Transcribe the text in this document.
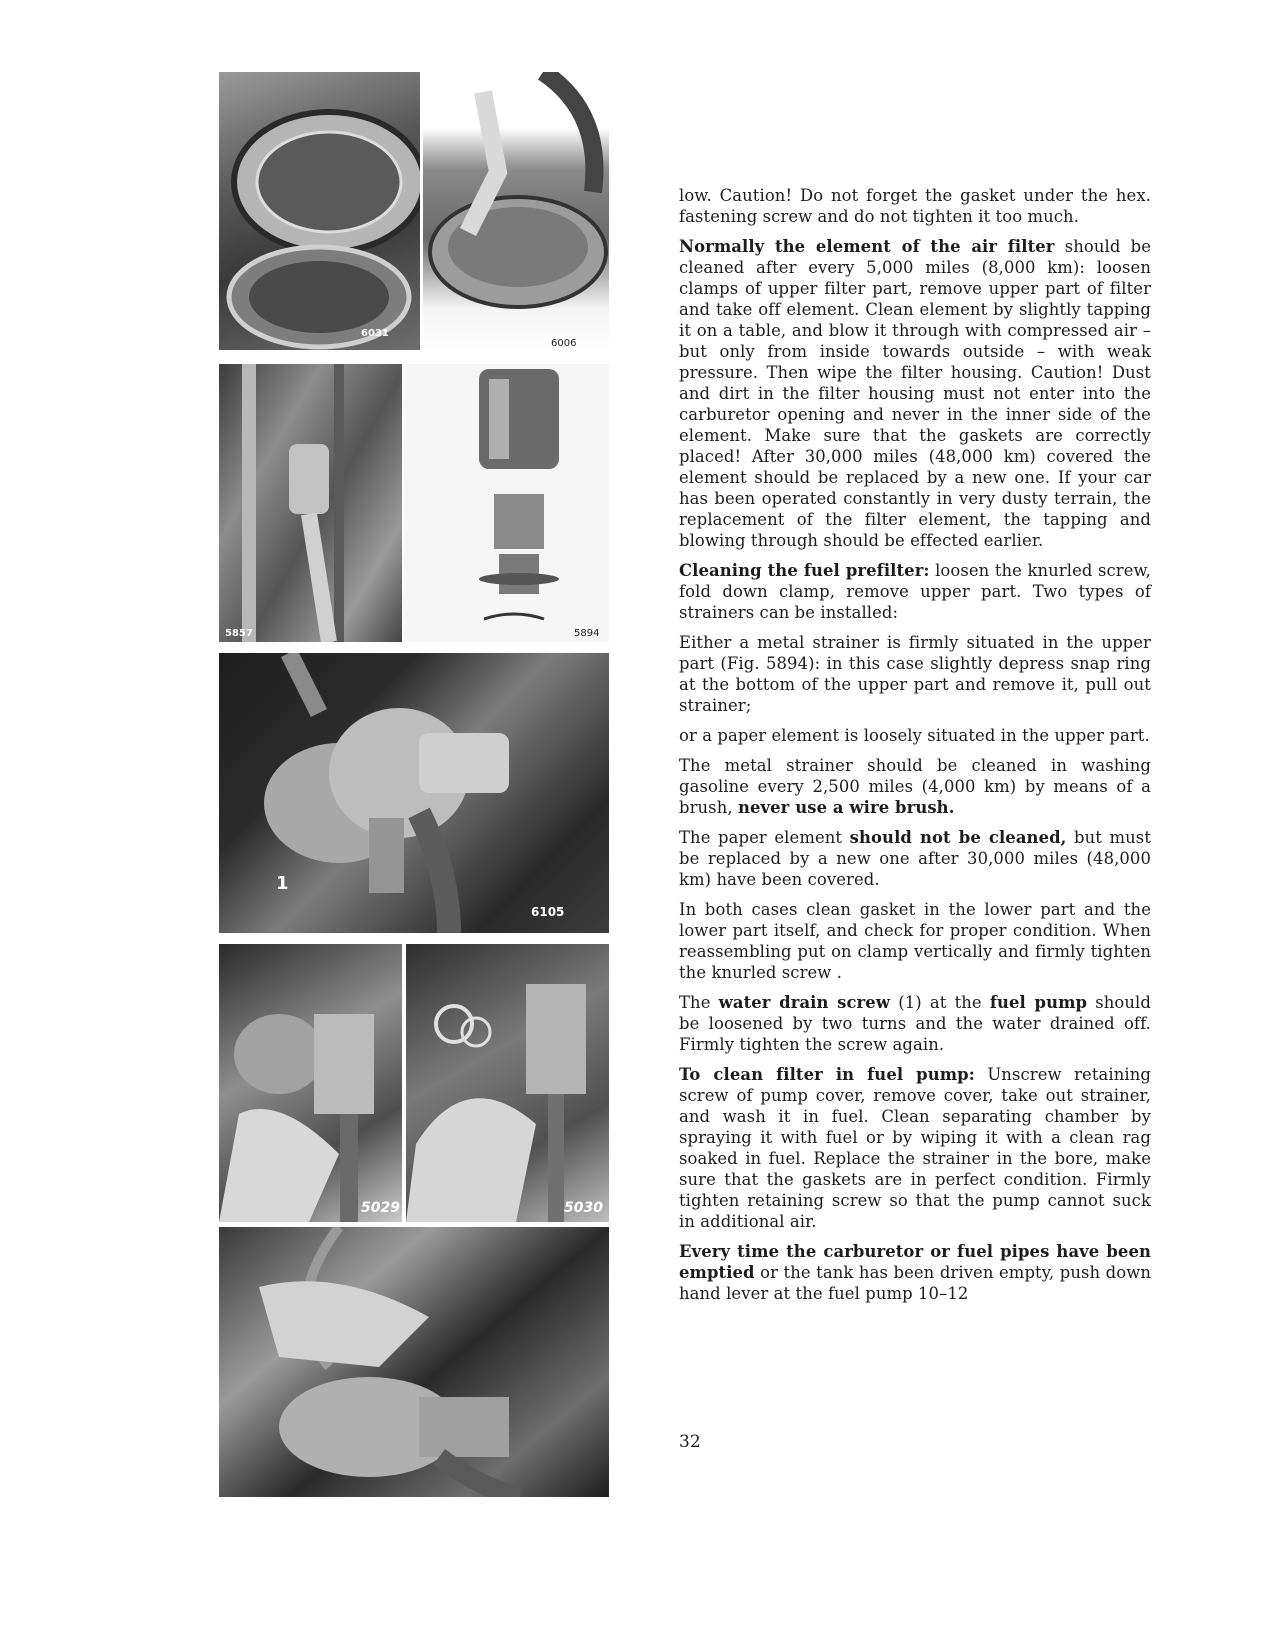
6031
6006
5857	5894
1
6105
5029	5030

low. Caution! Do not forget the gasket under the hex. fastening screw and do not tighten it too much.

Normally the element of the air filter should be cleaned after every 5,000 miles (8,000 km): loosen clamps of upper filter part, remove upper part of filter and take off element. Clean element by slightly tapping it on a table, and blow it through with compressed air – but only from inside towards outside – with weak pressure. Then wipe the filter housing. Caution! Dust and dirt in the filter housing must not enter into the carburetor opening and never in the inner side of the element. Make sure that the gaskets are correctly placed! After 30,000 miles (48,000 km) covered the element should be replaced by a new one. If your car has been operated constantly in very dusty terrain, the replacement of the filter element, the tapping and blowing through should be effected earlier.

Cleaning the fuel prefilter: loosen the knurled screw, fold down clamp, remove upper part. Two types of strainers can be installed:

Either a metal strainer is firmly situated in the upper part (Fig. 5894): in this case slightly depress snap ring at the bottom of the upper part and remove it, pull out strainer;

or a paper element is loosely situated in the upper part.

The metal strainer should be cleaned in washing gasoline every 2,500 miles (4,000 km) by means of a brush, never use a wire brush.

The paper element should not be cleaned, but must be replaced by a new one after 30,000 miles (48,000 km) have been covered.

In both cases clean gasket in the lower part and the lower part itself, and check for proper condition. When reassembling put on clamp vertically and firmly tighten the knurled screw .

The water drain screw (1) at the fuel pump should be loosened by two turns and the water drained off. Firmly tighten the screw again.

To clean filter in fuel pump: Unscrew retaining screw of pump cover, remove cover, take out strainer, and wash it in fuel. Clean separating chamber by spraying it with fuel or by wiping it with a clean rag soaked in fuel. Replace the strainer in the bore, make sure that the gaskets are in perfect condition. Firmly tighten retaining screw so that the pump cannot suck in additional air.

Every time the carburetor or fuel pipes have been emptied or the tank has been driven empty, push down hand lever at the fuel pump 10–12

32
